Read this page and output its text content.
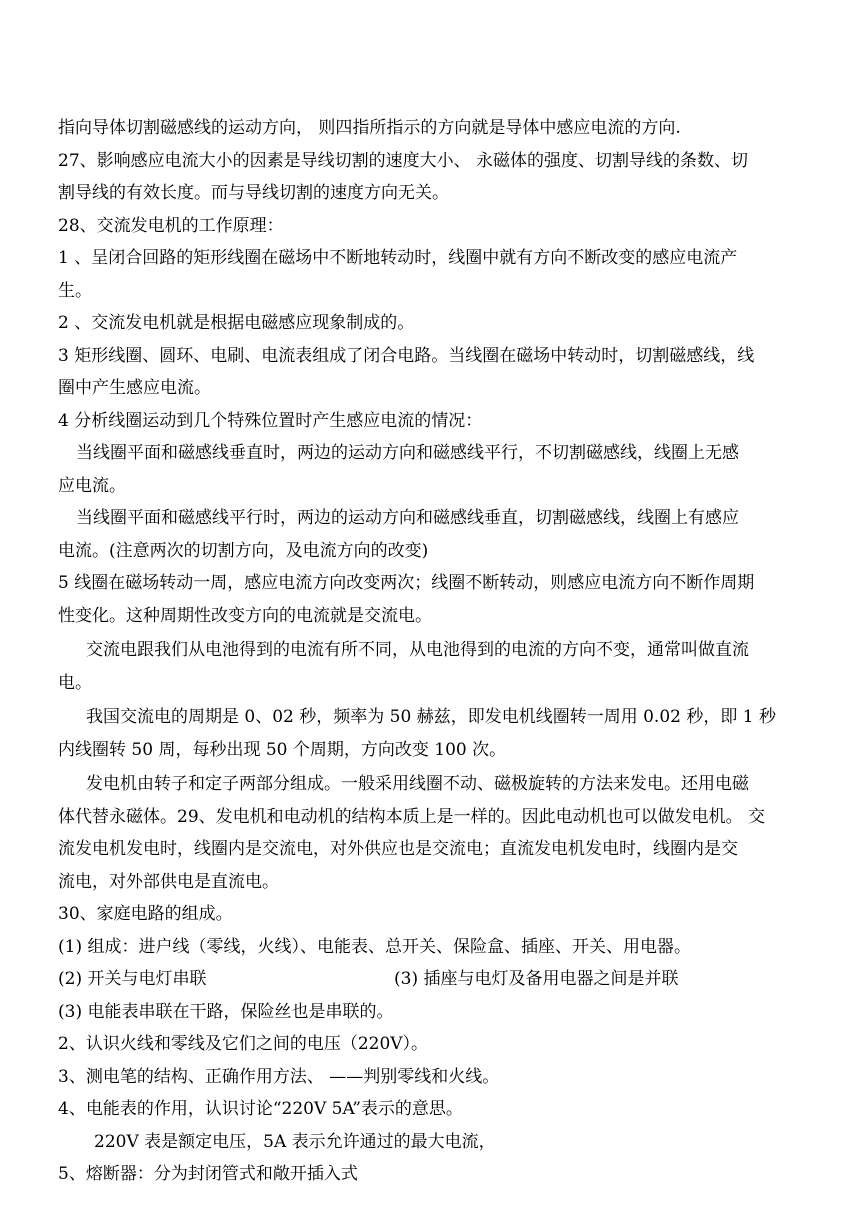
指向导体切割磁感线的运动方向， 则四指所指示的方向就是导体中感应电流的方向.
27、影响感应电流大小的因素是导线切割的速度大小、 永磁体的强度、切割导线的条数、切
割导线的有效长度。而与导线切割的速度方向无关。
28、交流发电机的工作原理：
1 、呈闭合回路的矩形线圈在磁场中不断地转动时，线圈中就有方向不断改变的感应电流产
生。
2 、交流发电机就是根据电磁感应现象制成的。
3 矩形线圈、圆环、电刷、电流表组成了闭合电路。当线圈在磁场中转动时，切割磁感线，线
圈中产生感应电流。
4 分析线圈运动到几个特殊位置时产生感应电流的情况：
当线圈平面和磁感线垂直时，两边的运动方向和磁感线平行，不切割磁感线，线圈上无感
应电流。
当线圈平面和磁感线平行时，两边的运动方向和磁感线垂直，切割磁感线，线圈上有感应
电流。(注意两次的切割方向，及电流方向的改变)
5 线圈在磁场转动一周，感应电流方向改变两次；线圈不断转动，则感应电流方向不断作周期
性变化。这种周期性改变方向的电流就是交流电。
交流电跟我们从电池得到的电流有所不同，从电池得到的电流的方向不变，通常叫做直流
电。
我国交流电的周期是 0、02 秒，频率为 50 赫兹，即发电机线圈转一周用 0.02 秒，即 1 秒
内线圈转 50 周，每秒出现 50 个周期，方向改变 100 次。
发电机由转子和定子两部分组成。一般采用线圈不动、磁极旋转的方法来发电。还用电磁
体代替永磁体。29、发电机和电动机的结构本质上是一样的。因此电动机也可以做发电机。 交
流发电机发电时，线圈内是交流电，对外供应也是交流电；直流发电机发电时，线圈内是交
流电，对外部供电是直流电。
30、家庭电路的组成。
(1) 组成：进户线（零线，火线）、电能表、总开关、保险盒、插座、开关、用电器。
(2) 开关与电灯串联	(3) 插座与电灯及备用电器之间是并联
(3) 电能表串联在干路，保险丝也是串联的。
2、认识火线和零线及它们之间的电压（220V）。
3、测电笔的结构、正确作用方法、 ——判别零线和火线。
4、电能表的作用，认识讨论“220V 5A”表示的意思。
220V 表是额定电压，5A 表示允许通过的最大电流，
5、熔断器：分为封闭管式和敞开插入式
